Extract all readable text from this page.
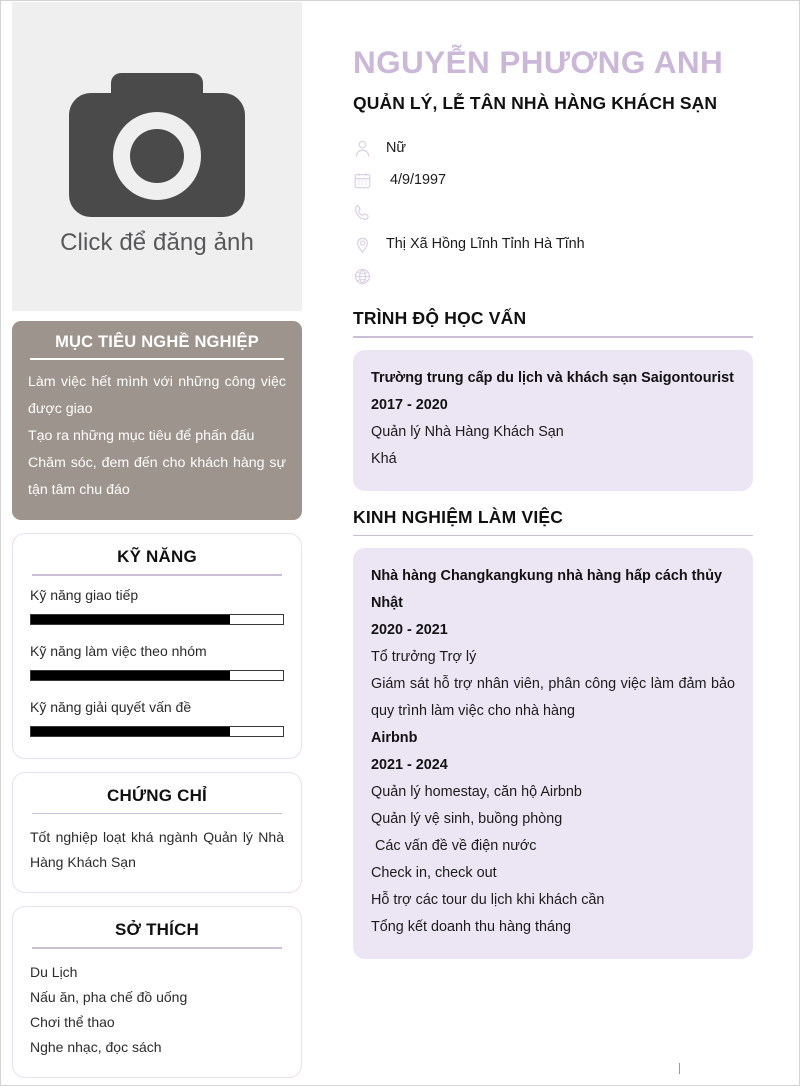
Click để đăng ảnh
MỤC TIÊU NGHỀ NGHIỆP
Làm việc hết mình với những công việc được giao
Tạo ra những mục tiêu để phấn đấu
Chăm sóc, đem đến cho khách hàng sự tận tâm chu đáo
KỸ NĂNG
Kỹ năng giao tiếp
Kỹ năng làm việc theo nhóm
Kỹ năng giải quyết vấn đề
CHỨNG CHỈ
Tốt nghiệp loạt khá ngành Quản lý Nhà Hàng Khách Sạn
SỞ THÍCH
Du Lịch
Nấu ăn, pha chế đồ uống
Chơi thể thao
Nghe nhạc, đọc sách
NGUYỄN PHƯƠNG ANH
QUẢN LÝ, LỄ TÂN NHÀ HÀNG KHÁCH SẠN
Nữ
4/9/1997
Thị Xã Hồng Lĩnh Tỉnh Hà Tĩnh
TRÌNH ĐỘ HỌC VẤN
Trường trung cấp du lịch và khách sạn Saigontourist
2017 - 2020
Quản lý Nhà Hàng Khách Sạn
Khá
KINH NGHIỆM LÀM VIỆC
Nhà hàng Changkangkung nhà hàng hấp cách thủy Nhật
2020 - 2021
Tổ trưởng Trợ lý
Giám sát hỗ trợ nhân viên, phân công việc làm đảm bảo quy trình làm việc cho nhà hàng
Airbnb
2021 - 2024
Quản lý homestay, căn hộ Airbnb
Quản lý vệ sinh, buồng phòng
Các vấn đề về điện nước
Check in, check out
Hỗ trợ các tour du lịch khi khách cần
Tổng kết doanh thu hàng tháng
